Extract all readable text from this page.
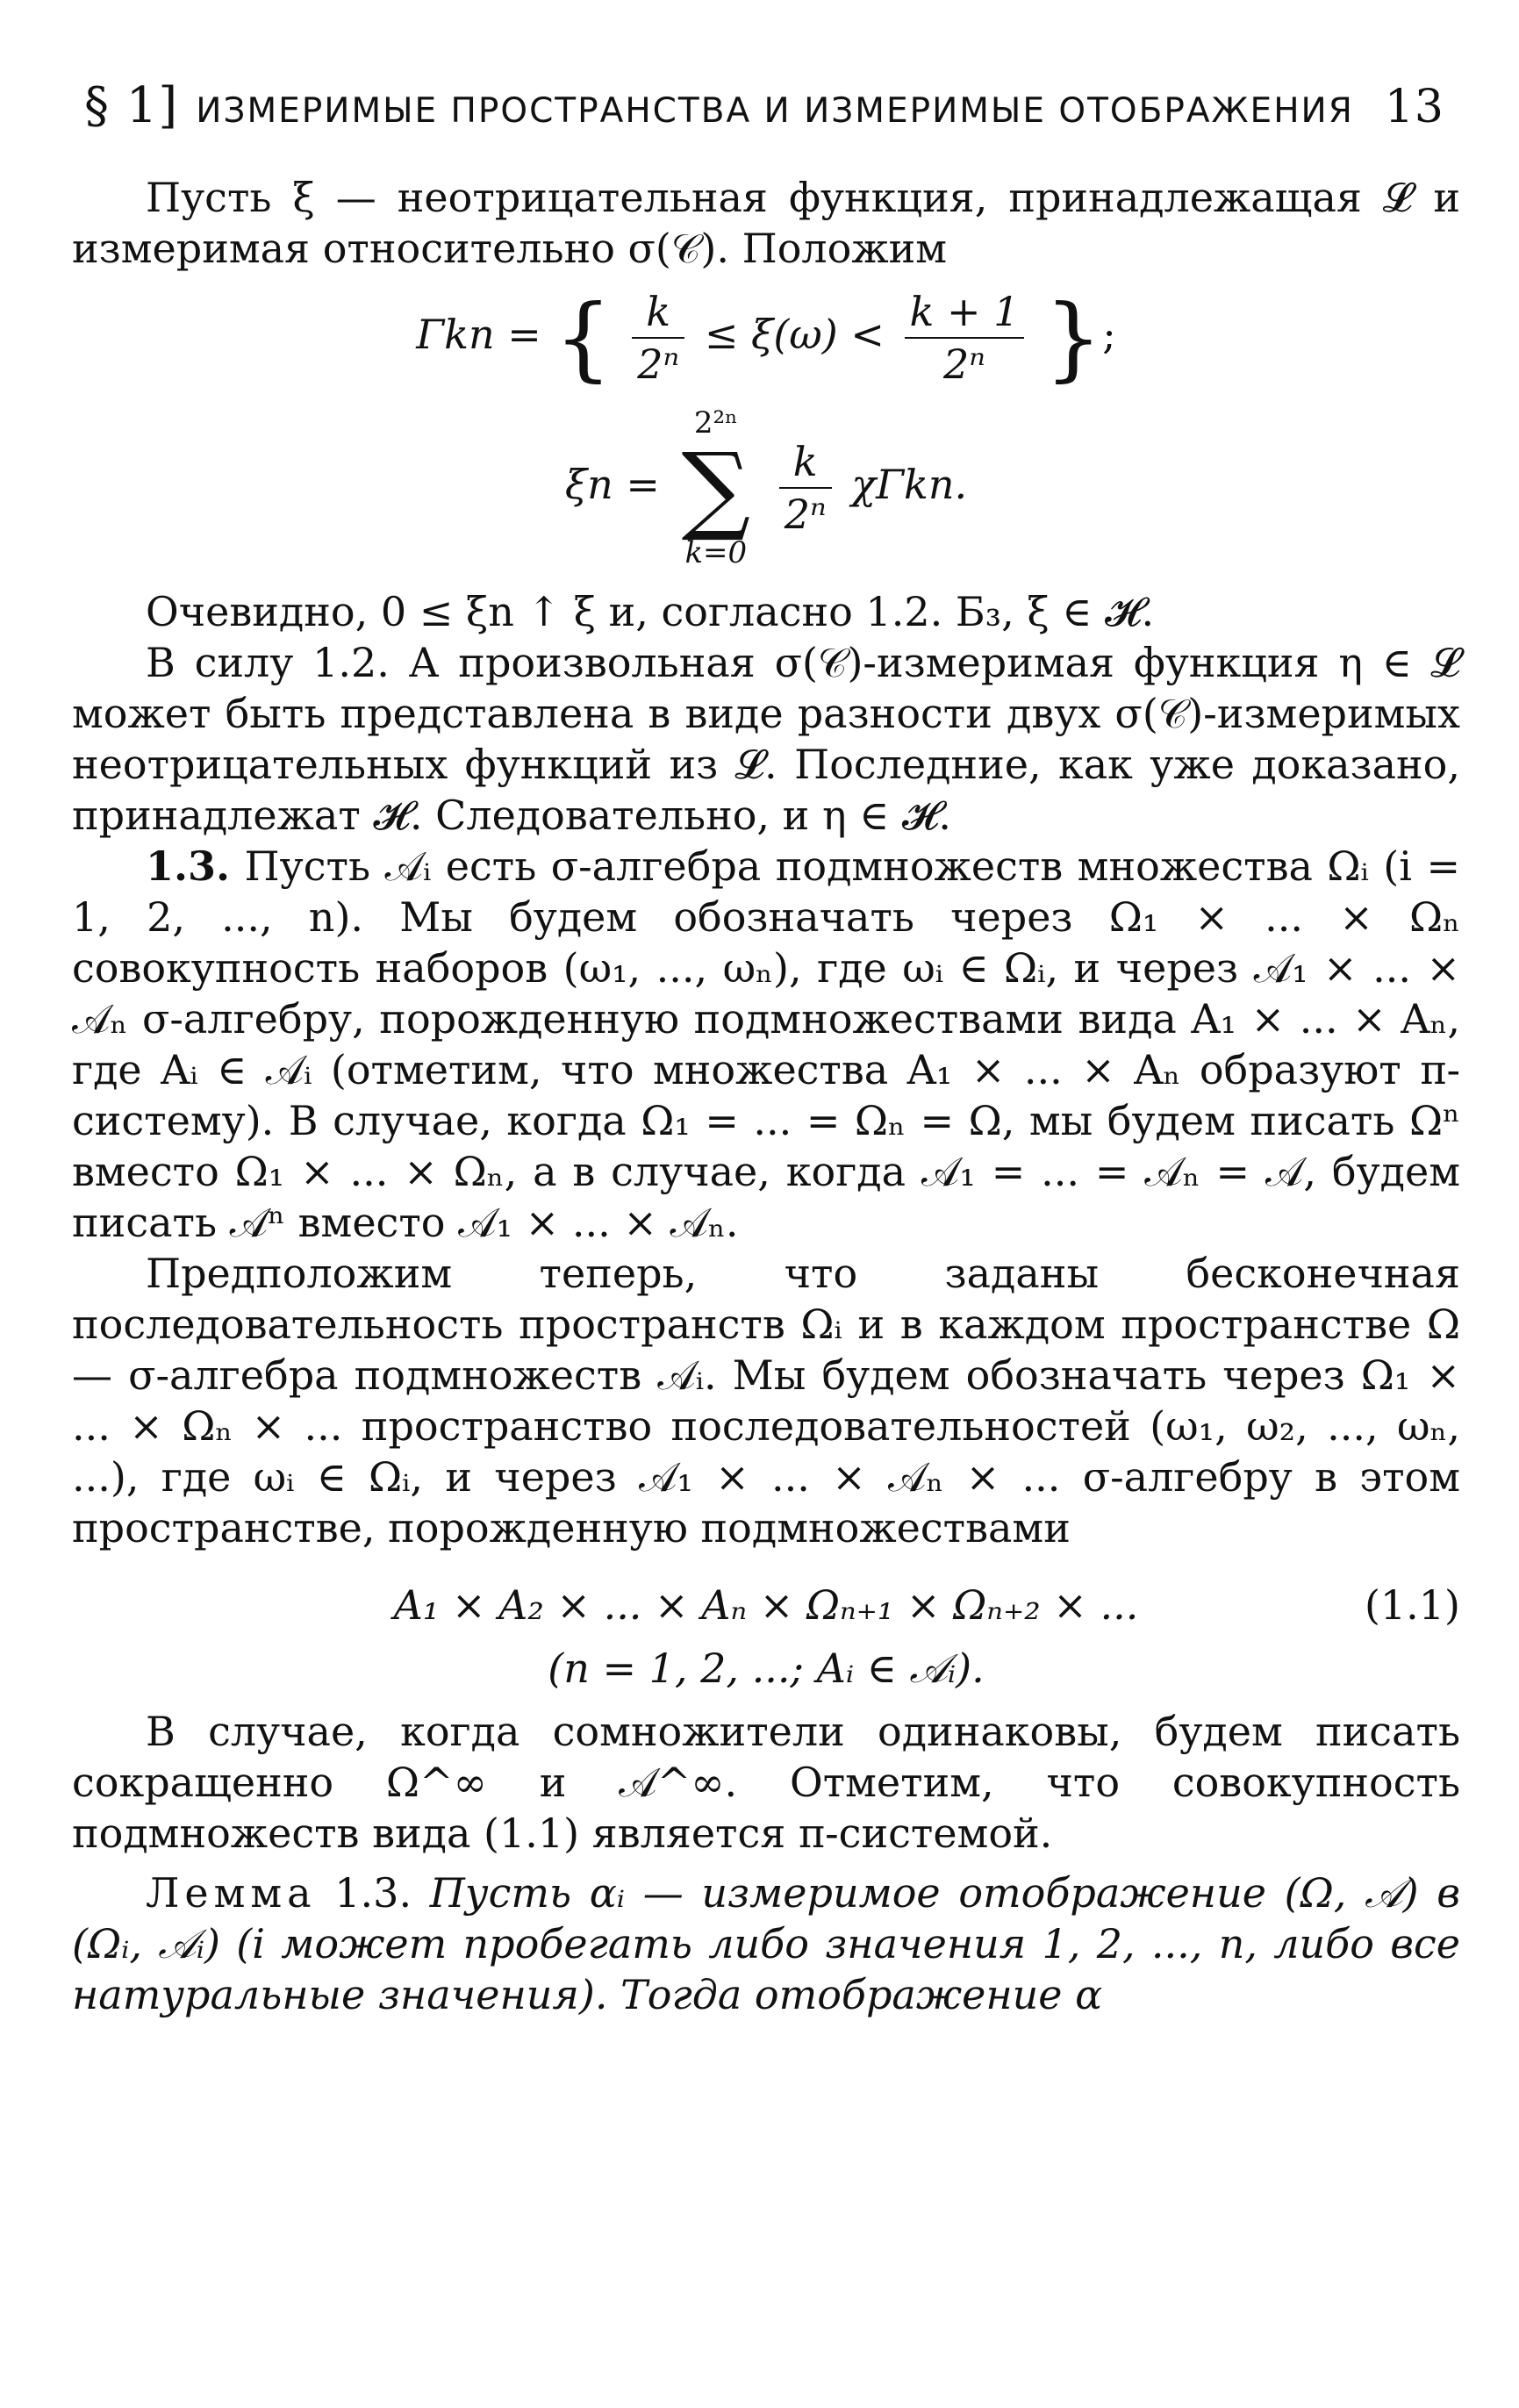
§ 1] ИЗМЕРИМЫЕ ПРОСТРАНСТВА И ИЗМЕРИМЫЕ ОТОБРАЖЕНИЯ 13

Пусть ξ — неотрицательная функция, принадлежащая 𝓛 и измеримая относительно σ(𝒞). Положим

Γkn = { $\frac{k}{\text{2ⁿ}} \le \xi(\omega) < \frac{k + 1}{\text{2ⁿ}}$ };
ξn =
2²ⁿ
∑
k=0

$\frac{k}{\text{2ⁿ}} \chi\Gamma kn$.

Очевидно, 0 ≤ ξn ↑ ξ и, согласно 1.2. Б₃, ξ ∈ 𝓗.

В силу 1.2. А произвольная σ(𝒞)-измеримая функция η ∈ 𝓛 может быть представлена в виде разности двух σ(𝒞)-измеримых неотрицательных функций из 𝓛. Последние, как уже доказано, принадлежат 𝓗. Следовательно, и η ∈ 𝓗.

1.3. Пусть 𝒜ᵢ есть σ-алгебра подмножеств множества Ωᵢ (i = 1, 2, ..., n). Мы будем обозначать через Ω₁ × ... × Ωₙ совокупность наборов (ω₁, ..., ωₙ), где ωᵢ ∈ Ωᵢ, и через 𝒜₁ × ... × 𝒜ₙ σ-алгебру, порожденную подмножествами вида A₁ × ... × Aₙ, где Aᵢ ∈ 𝒜ᵢ (отметим, что множества A₁ × ... × Aₙ образуют π-систему). В случае, когда Ω₁ = ... = Ωₙ = Ω, мы будем писать Ωⁿ вместо Ω₁ × ... × Ωₙ, а в случае, когда 𝒜₁ = ... = 𝒜ₙ = 𝒜, будем писать 𝒜ⁿ вместо 𝒜₁ × ... × 𝒜ₙ.

Предположим теперь, что заданы бесконечная последовательность пространств Ωᵢ и в каждом пространстве Ω — σ-алгебра подмножеств 𝒜ᵢ. Мы будем обозначать через Ω₁ × ... × Ωₙ × ... пространство последовательностей (ω₁, ω₂, ..., ωₙ, ...), где ωᵢ ∈ Ωᵢ, и через 𝒜₁ × ... × 𝒜ₙ × ... σ-алгебру в этом пространстве, порожденную подмножествами

A₁ × A₂ × ... × Aₙ × Ωₙ₊₁ × Ωₙ₊₂ × ...	(1.1)
(n = 1, 2, ...; Aᵢ ∈ 𝒜ᵢ).

В случае, когда сомножители одинаковы, будем писать сокращенно Ω^∞ и 𝒜^∞. Отметим, что совокупность подмножеств вида (1.1) является π-системой.

Лемма 1.3. Пусть αᵢ — измеримое отображение (Ω, 𝒜) в (Ωᵢ, 𝒜ᵢ) (i может пробегать либо значения 1, 2, ..., n, либо все натуральные значения). Тогда отображение α
